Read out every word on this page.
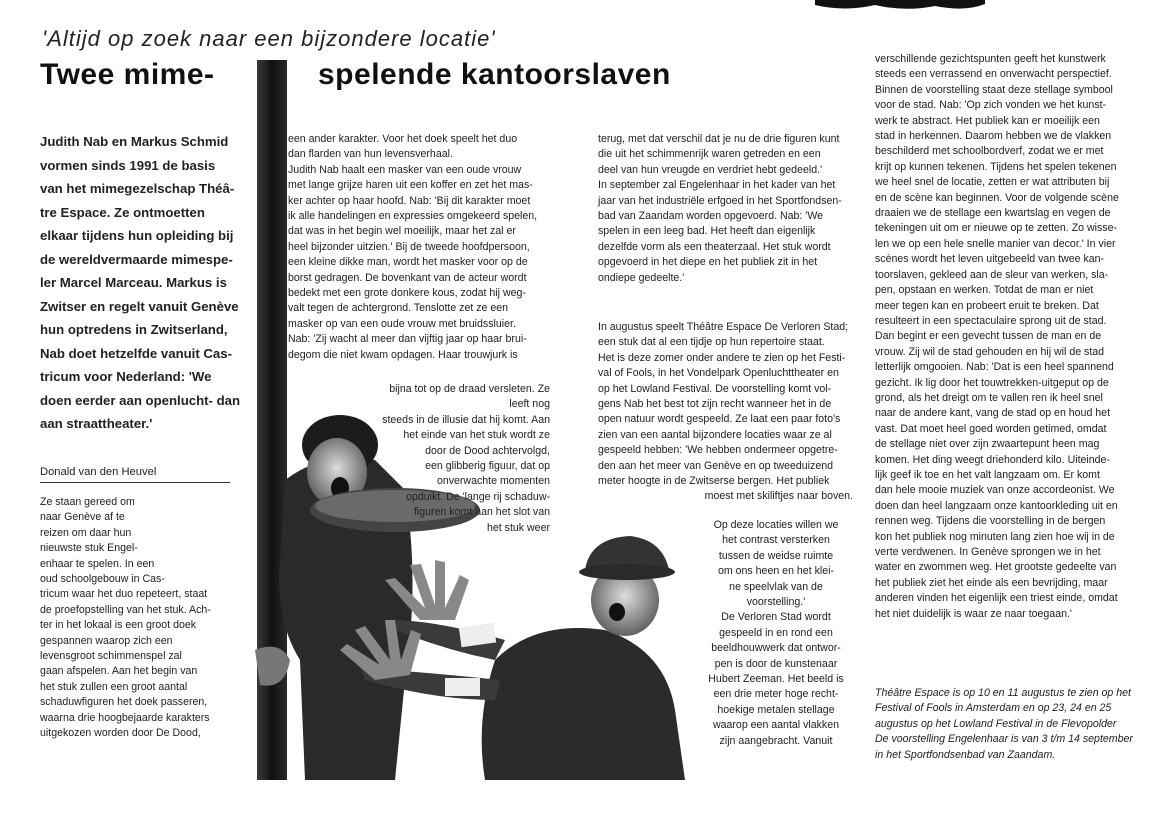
'Altijd op zoek naar een bijzondere locatie'
Twee mime-	spelende kantoorslaven
Judith Nab en Markus Schmid
vormen sinds 1991 de basis
van het mimegezelschap Théâ-
tre Espace. Ze ontmoetten
elkaar tijdens hun opleiding bij
de wereldvermaarde mimespe-
ler Marcel Marceau. Markus is
Zwitser en regelt vanuit Genève
hun optredens in Zwitserland,
Nab doet hetzelfde vanuit Cas-
tricum voor Nederland: 'We
doen eerder aan openlucht- dan
aan straattheater.'
Donald van den Heuvel

Ze staan gereed om

naar Genève af te

reizen om daar hun

nieuwste stuk Engel-

enhaar te spelen. In een

oud schoolgebouw in Cas-

tricum waar het duo repeteert, staat

de proefopstelling van het stuk. Ach-

ter in het lokaal is een groot doek

gespannen waarop zich een

levensgroot schimmenspel zal

gaan afspelen. Aan het begin van

het stuk zullen een groot aantal

schaduwfiguren het doek passeren,

waarna drie hoogbejaarde karakters

uitgekozen worden door De Dood,

een ander karakter. Voor het doek speelt het duo

dan flarden van hun levensverhaal.

Judith Nab haalt een masker van een oude vrouw

met lange grijze haren uit een koffer en zet het mas-

ker achter op haar hoofd. Nab: 'Bij dit karakter moet

ik alle handelingen en expressies omgekeerd spelen,

dat was in het begin wel moeilijk, maar het zal er

heel bijzonder uitzien.' Bij de tweede hoofdpersoon,

een kleine dikke man, wordt het masker voor op de

borst gedragen. De bovenkant van de acteur wordt

bedekt met een grote donkere kous, zodat hij weg-

valt tegen de achtergrond. Tenslotte zet ze een

masker op van een oude vrouw met bruidssluier.

Nab: 'Zij wacht al meer dan vijftig jaar op haar brui-

degom die niet kwam opdagen. Haar trouwjurk is

bijna tot op de draad versleten. Ze leeft nog

steeds in de illusie dat hij komt. Aan

het einde van het stuk wordt ze

door de Dood achtervolgd,

een glibberig figuur, dat op

onverwachte momenten

opduikt. De 'lange rij schaduw-

figuren komt aan het slot van

het stuk weer

terug, met dat verschil dat je nu de drie figuren kunt

die uit het schimmenrijk waren getreden en een

deel van hun vreugde en verdriet hebt gedeeld.'

In september zal Engelenhaar in het kader van het

jaar van het industriële erfgoed in het Sportfondsen-

bad van Zaandam worden opgevoerd. Nab: 'We

spelen in een leeg bad. Het heeft dan eigenlijk

dezelfde vorm als een theaterzaal. Het stuk wordt

opgevoerd in het diepe en het publiek zit in het

ondiepe gedeelte.'

In augustus speelt Théâtre Espace De Verloren Stad;

een stuk dat al een tijdje op hun repertoire staat.

Het is deze zomer onder andere te zien op het Festi-

val of Fools, in het Vondelpark Openluchttheater en

op het Lowland Festival. De voorstelling komt vol-

gens Nab het best tot zijn recht wanneer het in de

open natuur wordt gespeeld. Ze laat een paar foto's

zien van een aantal bijzondere locaties waar ze al

gespeeld hebben: 'We hebben ondermeer opgetre-

den aan het meer van Genève en op tweeduizend

meter hoogte in de Zwitserse bergen. Het publiek

moest met skiliftjes naar boven.

Op deze locaties willen we

het contrast versterken

tussen de weidse ruimte

om ons heen en het klei-

ne speelvlak van de

voorstelling.'

De Verloren Stad wordt

gespeeld in en rond een

beeldhouwwerk dat ontwor-

pen is door de kunstenaar

Hubert Zeeman. Het beeld is

een drie meter hoge recht-

hoekige metalen stellage

waarop een aantal vlakken

zijn aangebracht. Vanuit

verschillende gezichtspunten geeft het kunstwerk

steeds een verrassend en onverwacht perspectief.

Binnen de voorstelling staat deze stellage symbool

voor de stad. Nab: 'Op zich vonden we het kunst-

werk te abstract. Het publiek kan er moeilijk een

stad in herkennen. Daarom hebben we de vlakken

beschilderd met schoolbordverf, zodat we er met

krijt op kunnen tekenen. Tijdens het spelen tekenen

we heel snel de locatie, zetten er wat attributen bij

en de scène kan beginnen. Voor de volgende scène

draaien we de stellage een kwartslag en vegen de

tekeningen uit om er nieuwe op te zetten. Zo wisse-

len we op een hele snelle manier van decor.' In vier

scènes wordt het leven uitgebeeld van twee kan-

toorslaven, gekleed aan de sleur van werken, sla-

pen, opstaan en werken. Totdat de man er niet

meer tegen kan en probeert eruit te breken. Dat

resulteert in een spectaculaire sprong uit de stad.

Dan begint er een gevecht tussen de man en de

vrouw. Zij wil de stad gehouden en hij wil de stad

letterlijk omgooien. Nab: 'Dat is een heel spannend

gezicht. Ik lig door het touwtrekken-uitgeput op de

grond, als het dreigt om te vallen ren ik heel snel

naar de andere kant, vang de stad op en houd het

vast. Dat moet heel goed worden getimed, omdat

de stellage niet over zijn zwaartepunt heen mag

komen. Het ding weegt driehonderd kilo. Uiteinde-

lijk geef ik toe en het valt langzaam om. Er komt

dan hele mooie muziek van onze accordeonist. We

doen dan heel langzaam onze kantoorkleding uit en

rennen weg. Tijdens die voorstelling in de bergen

kon het publiek nog minuten lang zien hoe wij in de

verte verdwenen. In Genève sprongen we in het

water en zwommen weg. Het grootste gedeelte van

het publiek ziet het einde als een bevrijding, maar

anderen vinden het eigenlijk een triest einde, omdat

het niet duidelijk is waar ze naar toegaan.'

Théâtre Espace is op 10 en 11 augustus te zien op het

Festival of Fools in Amsterdam en op 23, 24 en 25

augustus op het Lowland Festival in de Flevopolder

De voorstelling Engelenhaar is van 3 t/m 14 september

in het Sportfondsenbad van Zaandam.
